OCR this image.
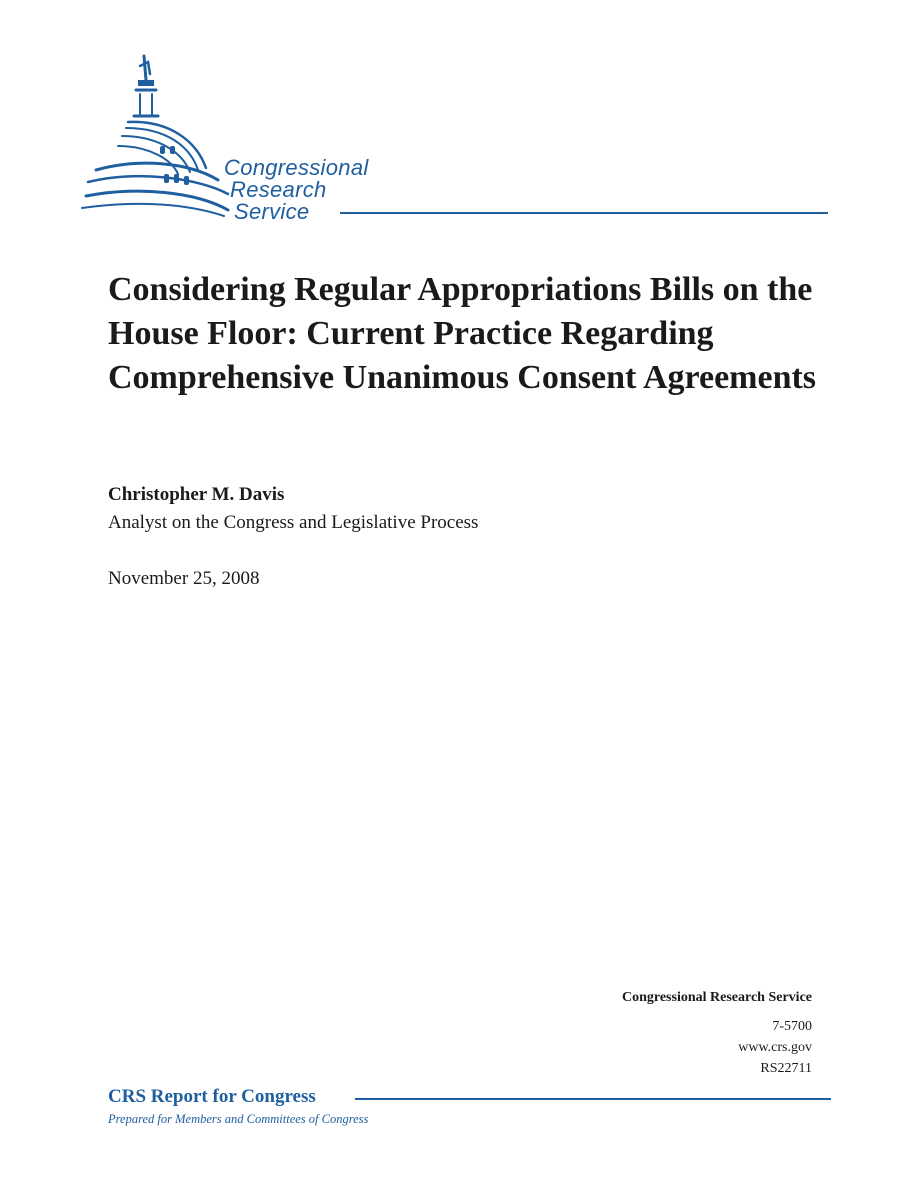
Congressional
Research
Service
Considering Regular Appropriations Bills on the House Floor: Current Practice Regarding Comprehensive Unanimous Consent Agreements
Christopher M. Davis
Analyst on the Congress and Legislative Process
November 25, 2008
Congressional Research Service
7-5700
www.crs.gov
RS22711
CRS Report for Congress
Prepared for Members and Committees of Congress
